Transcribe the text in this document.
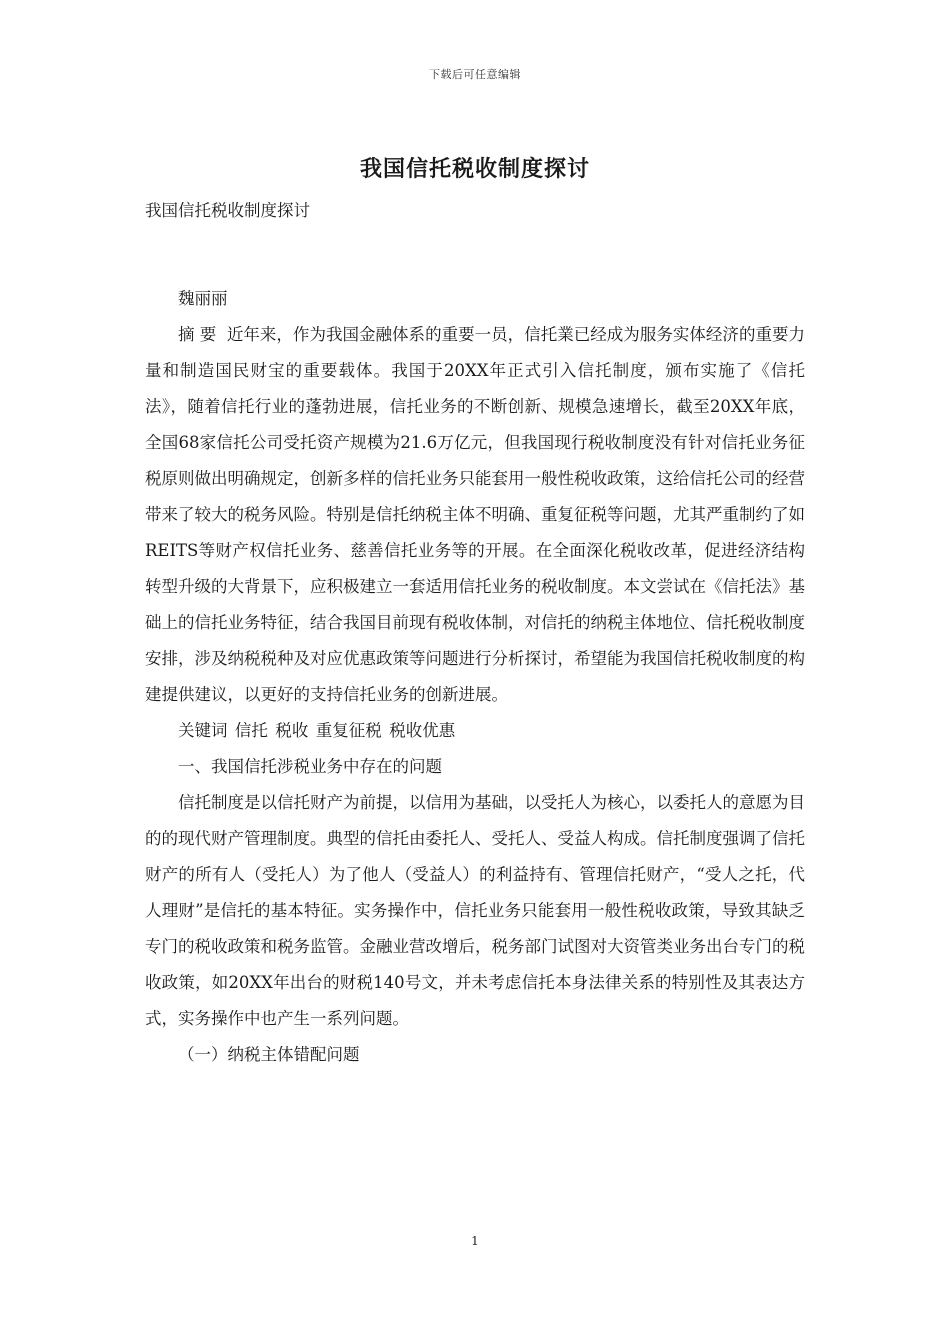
下载后可任意编辑
我国信托税收制度探讨

我国信托税收制度探讨

魏丽丽

摘 要 近年来，作为我国金融体系的重要一员，信托業已经成为服务实体经济的重要力量和制造国民财宝的重要载体。我国于20XX年正式引入信托制度，颁布实施了《信托法》，随着信托行业的蓬勃进展，信托业务的不断创新、规模急速增长，截至20XX年底，全国68家信托公司受托资产规模为21.6万亿元，但我国现行税收制度没有针对信托业务征税原则做出明确规定，创新多样的信托业务只能套用一般性税收政策，这给信托公司的经营带来了较大的税务风险。特别是信托纳税主体不明确、重复征税等问题，尤其严重制约了如REITS等财产权信托业务、慈善信托业务等的开展。在全面深化税收改革，促进经济结构转型升级的大背景下，应积极建立一套适用信托业务的税收制度。本文尝试在《信托法》基础上的信托业务特征，结合我国目前现有税收体制，对信托的纳税主体地位、信托税收制度安排，涉及纳税税种及对应优惠政策等问题进行分析探讨，希望能为我国信托税收制度的构建提供建议，以更好的支持信托业务的创新进展。

关键词 信托 税收 重复征税 税收优惠

一、我国信托涉税业务中存在的问题

信托制度是以信托财产为前提，以信用为基础，以受托人为核心，以委托人的意愿为目的的现代财产管理制度。典型的信托由委托人、受托人、受益人构成。信托制度强调了信托财产的所有人（受托人）为了他人（受益人）的利益持有、管理信托财产，“受人之托，代人理财”是信托的基本特征。实务操作中，信托业务只能套用一般性税收政策，导致其缺乏专门的税收政策和税务监管。金融业营改增后，税务部门试图对大资管类业务出台专门的税收政策，如20XX年出台的财税140号文，并未考虑信托本身法律关系的特别性及其表达方式，实务操作中也产生一系列问题。

（一）纳税主体错配问题

1
